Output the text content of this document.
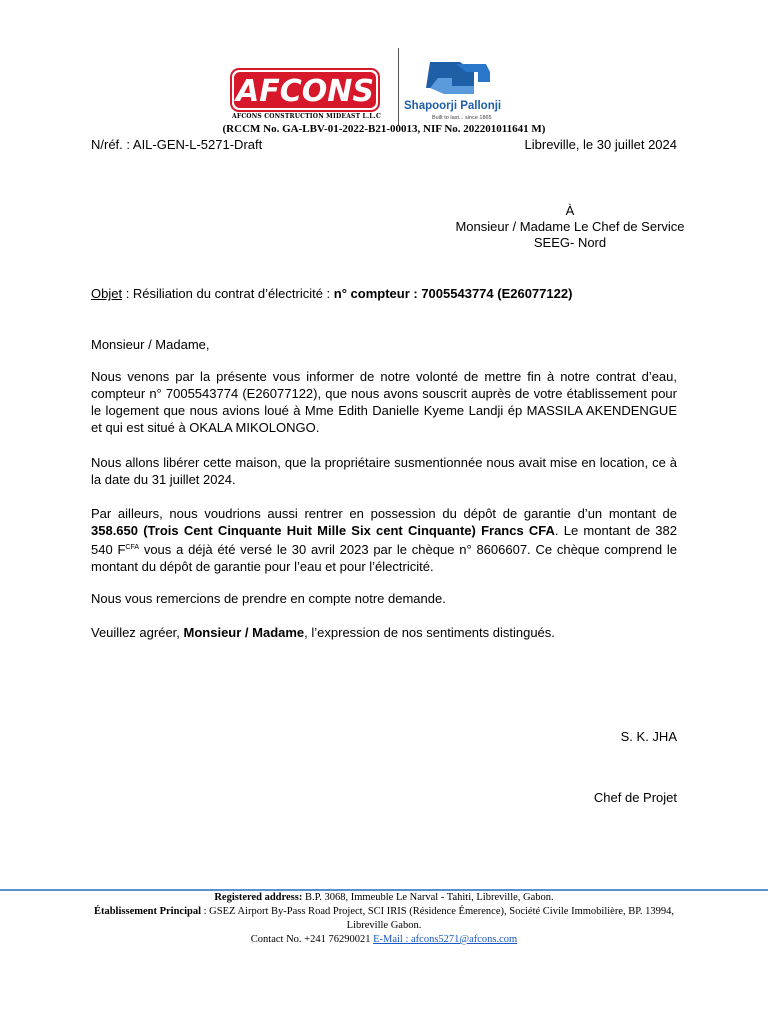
AFCONS
AFCONS CONSTRUCTION MIDEAST L.L.C
SP
Shapoorji Pallonji
Built to last... since 1865
(RCCM No. GA-LBV-01-2022-B21-00013, NIF No. 202201011641 M)
N/réf. : AIL-GEN-L-5271-Draft	Libreville, le 30 juillet 2024
À
Monsieur / Madame Le Chef de Service
SEEG- Nord
Objet : Résiliation du contrat d’électricité : n° compteur : 7005543774 (E26077122)
Monsieur / Madame,
Nous venons par la présente vous informer de notre volonté de mettre fin à notre contrat d’eau, compteur n° 7005543774 (E26077122), que nous avons souscrit auprès de votre établissement pour le logement que nous avions loué à Mme Edith Danielle Kyeme Landji ép MASSILA AKENDENGUE et qui est situé à OKALA MIKOLONGO.
Nous allons libérer cette maison, que la propriétaire susmentionnée nous avait mise en location, ce à la date du 31 juillet 2024.
Par ailleurs, nous voudrions aussi rentrer en possession du dépôt de garantie d’un montant de 358.650 (Trois Cent Cinquante Huit Mille Six cent Cinquante) Francs CFA. Le montant de 382 540 $F^{CFA}$ vous a déjà été versé le 30 avril 2023 par le chèque n° 8606607. Ce chèque comprend le montant du dépôt de garantie pour l’eau et pour l’électricité.
Nous vous remercions de prendre en compte notre demande.
Veuillez agréer, Monsieur / Madame, l’expression de nos sentiments distingués.
S. K. JHA
Chef de Projet
Registered address: B.P. 3068, Immeuble Le Narval - Tahiti, Libreville, Gabon.
Établissement Principal : GSEZ Airport By-Pass Road Project, SCI IRIS (Résidence Émerence), Société Civile Immobilière, BP. 13994, Libreville Gabon.
Contact No. +241 76290021 E-Mail : afcons5271@afcons.com
